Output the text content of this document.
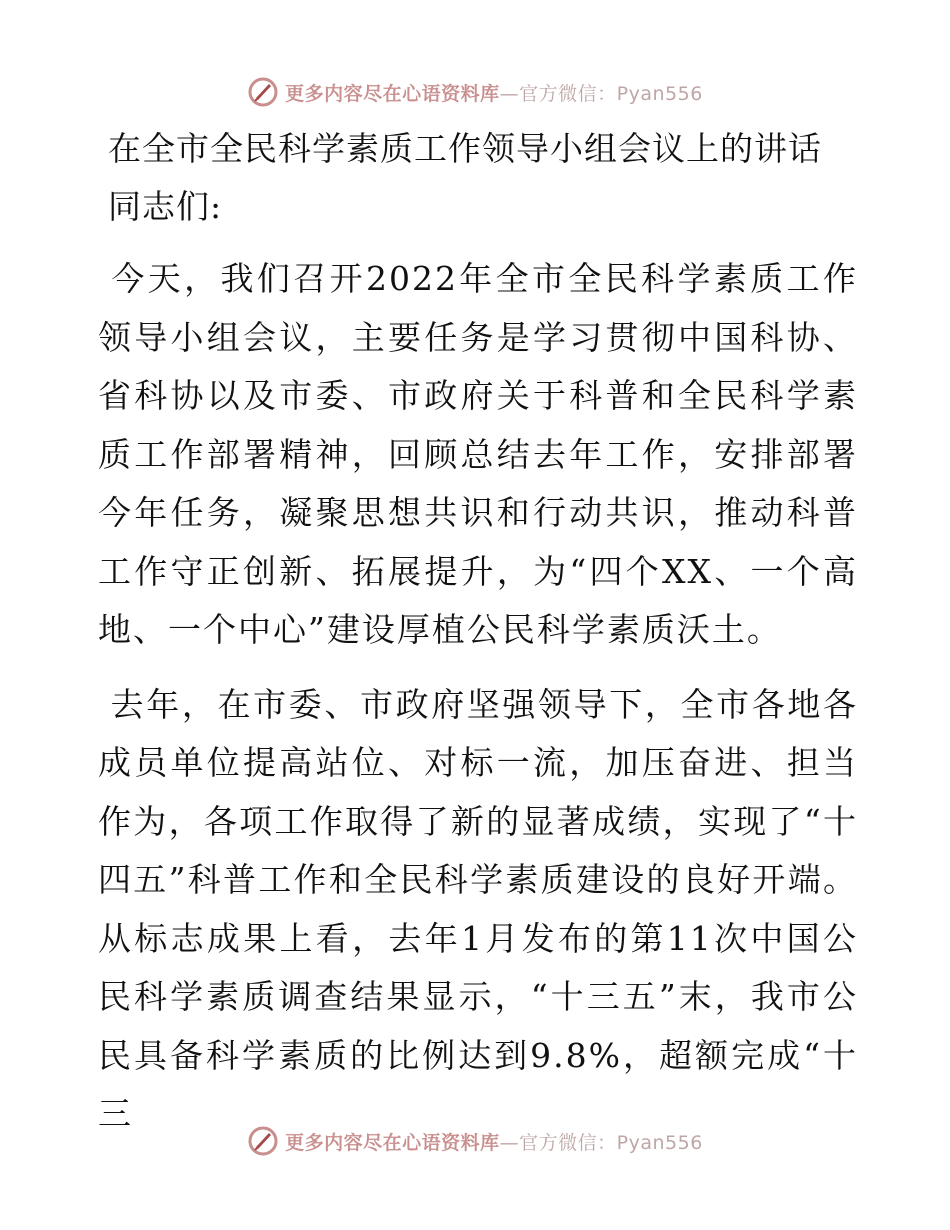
更多内容尽在心语资料库—官方微信：Pyan556
在全市全民科学素质工作领导小组会议上的讲话

同志们:

今天，我们召开2022年全市全民科学素质工作领导小组会议，主要任务是学习贯彻中国科协、省科协以及市委、市政府关于科普和全民科学素质工作部署精神，回顾总结去年工作，安排部署今年任务，凝聚思想共识和行动共识，推动科普工作守正创新、拓展提升，为“四个XX、一个高地、一个中心”建设厚植公民科学素质沃土。

去年，在市委、市政府坚强领导下，全市各地各成员单位提高站位、对标一流，加压奋进、担当作为，各项工作取得了新的显著成绩，实现了“十四五”科普工作和全民科学素质建设的良好开端。从标志成果上看，去年1月发布的第11次中国公民科学素质调查结果显示，“十三五”末，我市公民具备科学素质的比例达到9.8%，超额完成“十三

更多内容尽在心语资料库—官方微信：Pyan556
